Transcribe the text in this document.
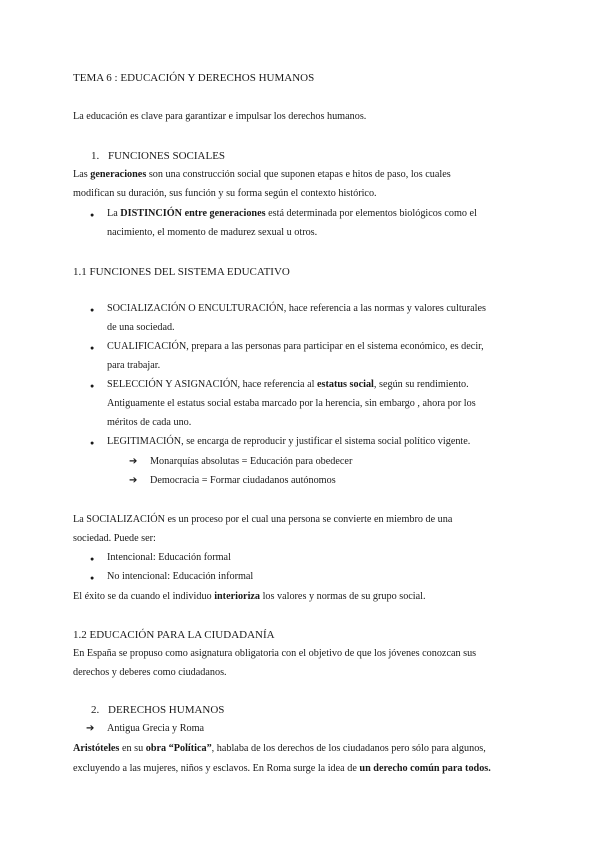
TEMA 6 : EDUCACIÓN Y DERECHOS HUMANOS
La educación es clave para garantizar e impulsar los derechos humanos.
1. FUNCIONES SOCIALES
Las generaciones son una construcción social que suponen etapas e hitos de paso, los cuales
modifican su duración, sus función y su forma según el contexto histórico.
● La DISTINCIÓN entre generaciones está determinada por elementos biológicos como el
nacimiento, el momento de madurez sexual u otros.
1.1 FUNCIONES DEL SISTEMA EDUCATIVO
● SOCIALIZACIÓN O ENCULTURACIÓN, hace referencia a las normas y valores culturales
de una sociedad.
● CUALIFICACIÓN, prepara a las personas para participar en el sistema económico, es decir,
para trabajar.
● SELECCIÓN Y ASIGNACIÓN, hace referencia al estatus social, según su rendimiento.
Antiguamente el estatus social estaba marcado por la herencia, sin embargo , ahora por los
méritos de cada uno.
● LEGITIMACIÓN, se encarga de reproducir y justificar el sistema social político vigente.
➔ Monarquías absolutas = Educación para obedecer
➔ Democracia = Formar ciudadanos autónomos
La SOCIALIZACIÓN es un proceso por el cual una persona se convierte en miembro de una
sociedad. Puede ser:
● Intencional: Educación formal
● No intencional: Educación informal
El éxito se da cuando el individuo interioriza los valores y normas de su grupo social.
1.2 EDUCACIÓN PARA LA CIUDADANÍA
En España se propuso como asignatura obligatoria con el objetivo de que los jóvenes conozcan sus
derechos y deberes como ciudadanos.
2. DERECHOS HUMANOS
➔ Antigua Grecia y Roma
Aristóteles en su obra “Política”, hablaba de los derechos de los ciudadanos pero sólo para algunos,
excluyendo a las mujeres, niños y esclavos. En Roma surge la idea de un derecho común para todos.
